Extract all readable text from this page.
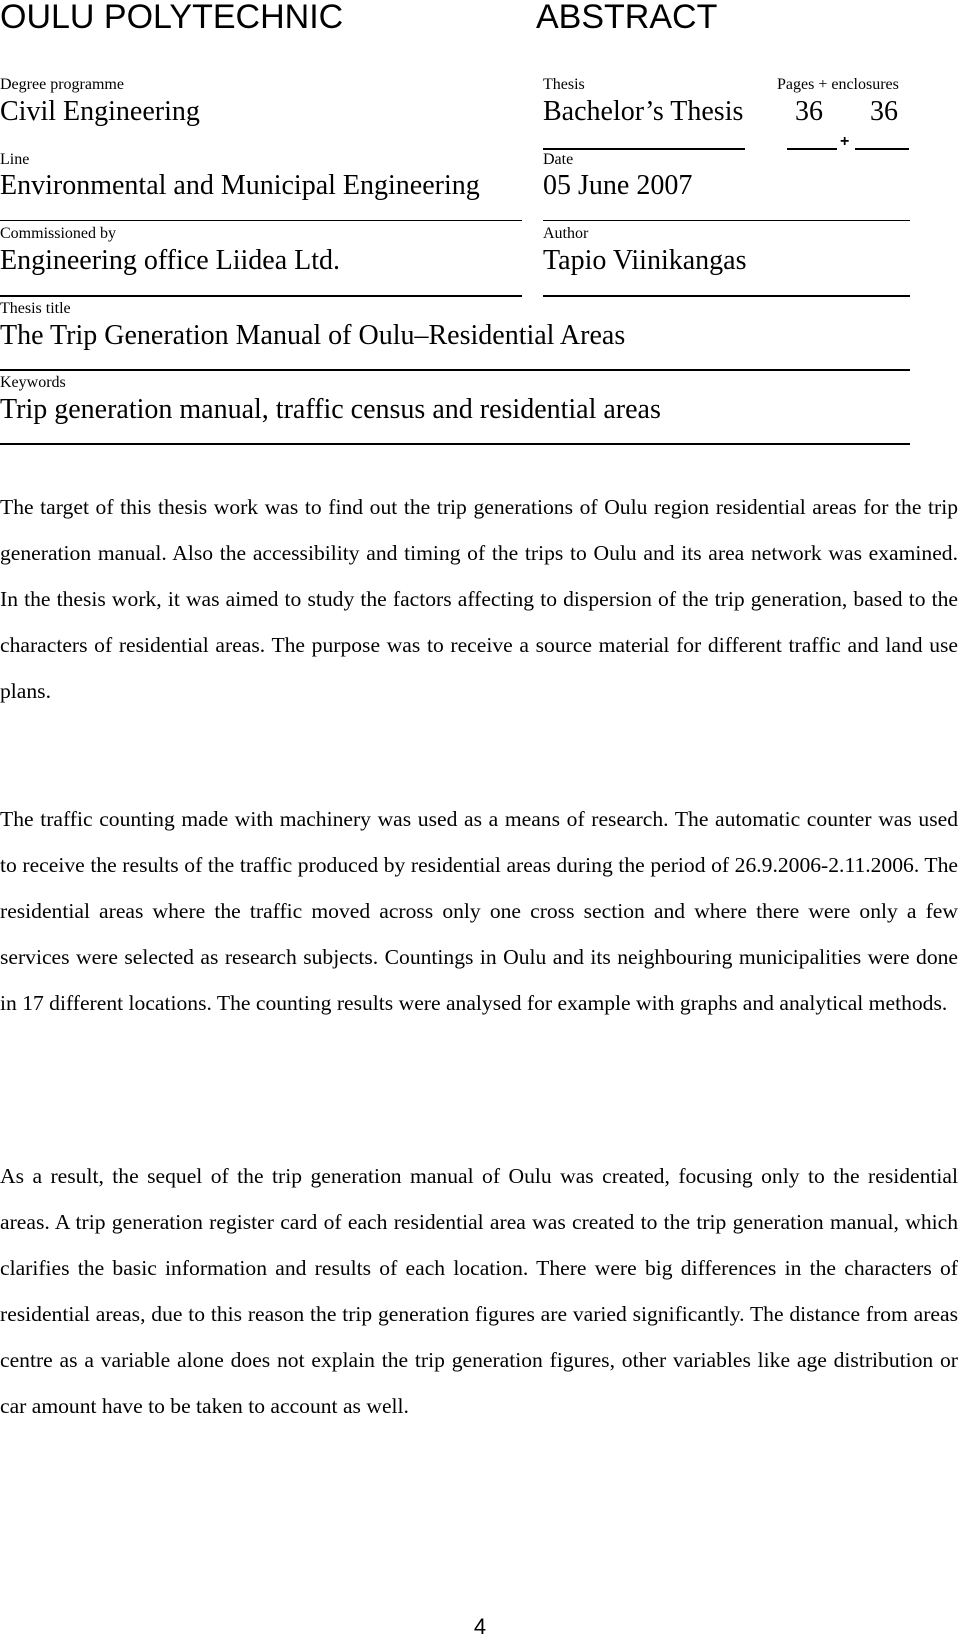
OULU POLYTECHNIC	ABSTRACT
Degree programme
Civil Engineering
Thesis
Bachelor’s Thesis
Pages + enclosures
36 36
+
Line
Environmental and Municipal Engineering
Date
05 June 2007
Commissioned by
Engineering office Liidea Ltd.
Author
Tapio Viinikangas
Thesis title
The Trip Generation Manual of Oulu–Residential Areas
Keywords
Trip generation manual, traffic census and residential areas

The target of this thesis work was to find out the trip generations of Oulu region residential areas for the trip generation manual. Also the accessibility and timing of the trips to Oulu and its area network was examined. In the thesis work, it was aimed to study the factors affecting to dispersion of the trip generation, based to the characters of residential areas. The purpose was to receive a source material for different traffic and land use plans.

The traffic counting made with machinery was used as a means of research. The automatic counter was used to receive the results of the traffic produced by residential areas during the period of 26.9.2006-2.11.2006. The residential areas where the traffic moved across only one cross section and where there were only a few services were selected as research subjects. Countings in Oulu and its neighbouring municipalities were done in 17 different locations. The counting results were analysed for example with graphs and analytical methods.

As a result, the sequel of the trip generation manual of Oulu was created, focusing only to the residential areas. A trip generation register card of each residential area was created to the trip generation manual, which clarifies the basic information and results of each location. There were big differences in the characters of residential areas, due to this reason the trip generation figures are varied significantly. The distance from areas centre as a variable alone does not explain the trip generation figures, other variables like age distribution or car amount have to be taken to account as well.

4
